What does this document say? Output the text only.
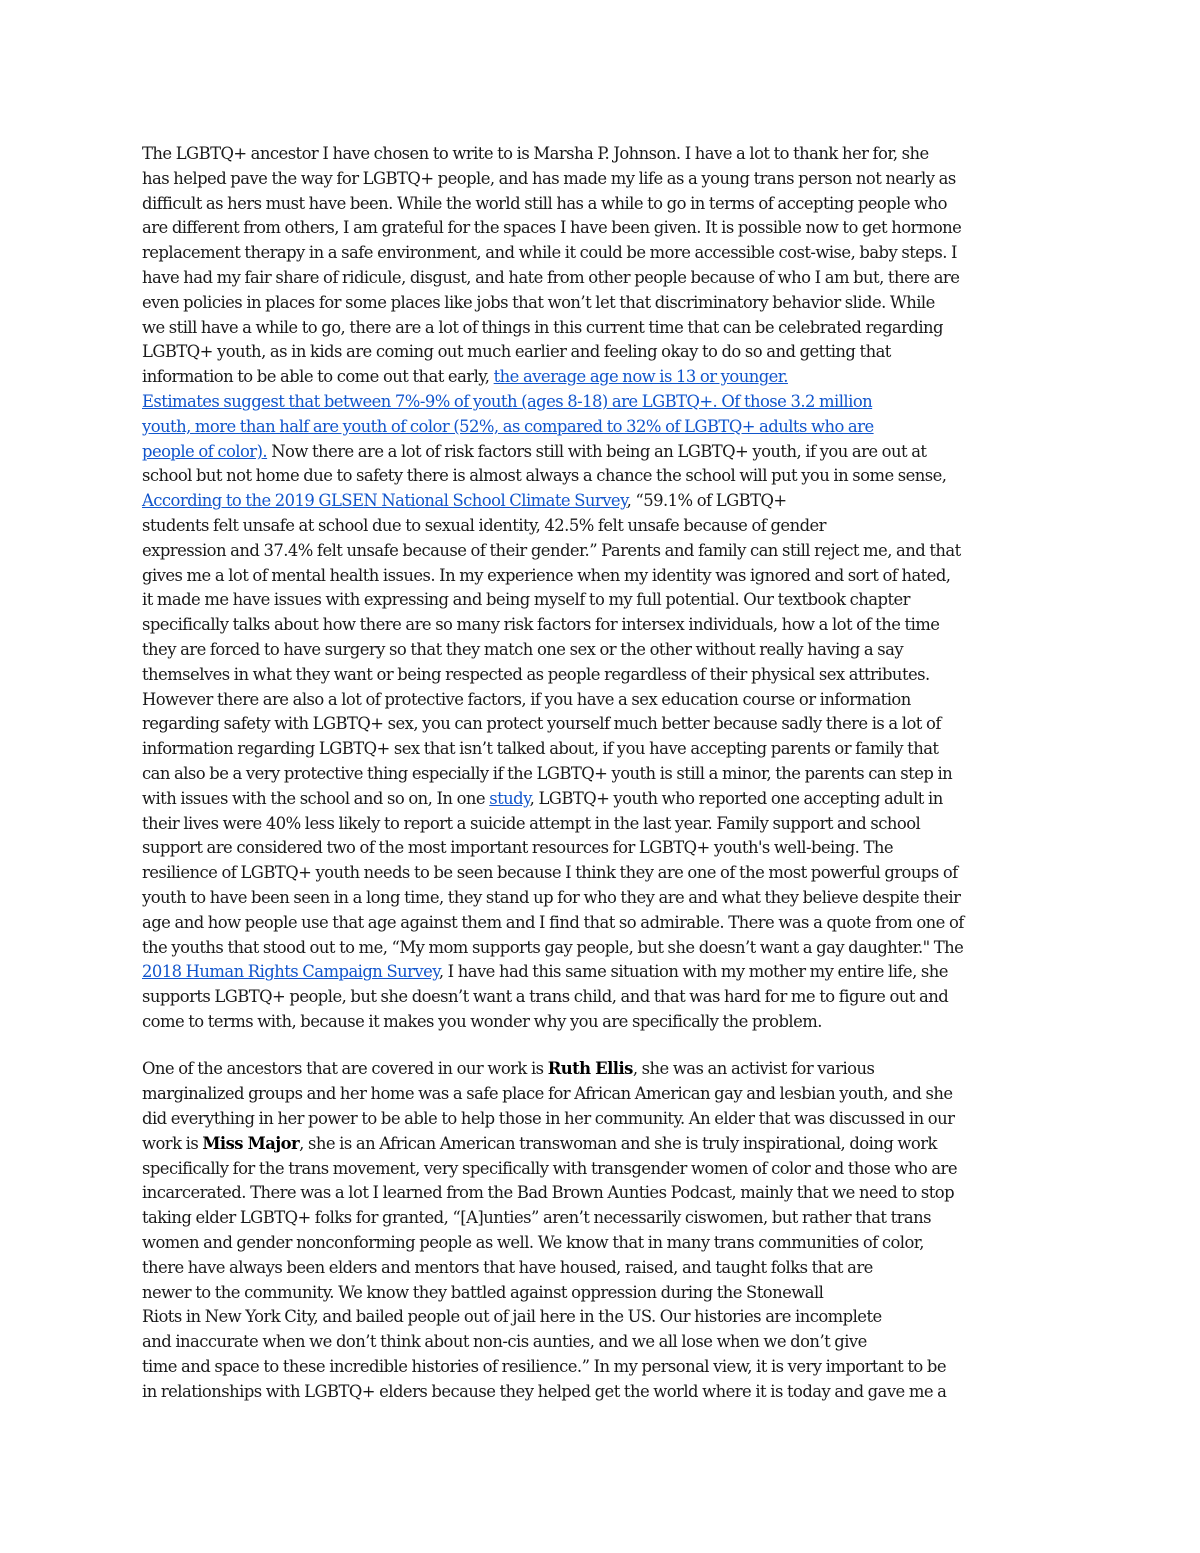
The LGBTQ+ ancestor I have chosen to write to is Marsha P. Johnson. I have a lot to thank her for, she
has helped pave the way for LGBTQ+ people, and has made my life as a young trans person not nearly as
difficult as hers must have been. While the world still has a while to go in terms of accepting people who
are different from others, I am grateful for the spaces I have been given. It is possible now to get hormone
replacement therapy in a safe environment, and while it could be more accessible cost-wise, baby steps. I
have had my fair share of ridicule, disgust, and hate from other people because of who I am but, there are
even policies in places for some places like jobs that won’t let that discriminatory behavior slide. While
we still have a while to go, there are a lot of things in this current time that can be celebrated regarding
LGBTQ+ youth, as in kids are coming out much earlier and feeling okay to do so and getting that
information to be able to come out that early, the average age now is 13 or younger.
Estimates suggest that between 7%-9% of youth (ages 8-18) are LGBTQ+. Of those 3.2 million
youth, more than half are youth of color (52%, as compared to 32% of LGBTQ+ adults who are
people of color). Now there are a lot of risk factors still with being an LGBTQ+ youth, if you are out at
school but not home due to safety there is almost always a chance the school will put you in some sense,
According to the 2019 GLSEN National School Climate Survey, “59.1% of LGBTQ+
students felt unsafe at school due to sexual identity, 42.5% felt unsafe because of gender
expression and 37.4% felt unsafe because of their gender.” Parents and family can still reject me, and that
gives me a lot of mental health issues. In my experience when my identity was ignored and sort of hated,
it made me have issues with expressing and being myself to my full potential. Our textbook chapter
specifically talks about how there are so many risk factors for intersex individuals, how a lot of the time
they are forced to have surgery so that they match one sex or the other without really having a say
themselves in what they want or being respected as people regardless of their physical sex attributes.
However there are also a lot of protective factors, if you have a sex education course or information
regarding safety with LGBTQ+ sex, you can protect yourself much better because sadly there is a lot of
information regarding LGBTQ+ sex that isn’t talked about, if you have accepting parents or family that
can also be a very protective thing especially if the LGBTQ+ youth is still a minor, the parents can step in
with issues with the school and so on, In one study, LGBTQ+ youth who reported one accepting adult in
their lives were 40% less likely to report a suicide attempt in the last year. Family support and school
support are considered two of the most important resources for LGBTQ+ youth's well-being. The
resilience of LGBTQ+ youth needs to be seen because I think they are one of the most powerful groups of
youth to have been seen in a long time, they stand up for who they are and what they believe despite their
age and how people use that age against them and I find that so admirable. There was a quote from one of
the youths that stood out to me, “My mom supports gay people, but she doesn’t want a gay daughter." The
2018 Human Rights Campaign Survey, I have had this same situation with my mother my entire life, she
supports LGBTQ+ people, but she doesn’t want a trans child, and that was hard for me to figure out and
come to terms with, because it makes you wonder why you are specifically the problem.
One of the ancestors that are covered in our work is Ruth Ellis, she was an activist for various
marginalized groups and her home was a safe place for African American gay and lesbian youth, and she
did everything in her power to be able to help those in her community. An elder that was discussed in our
work is Miss Major, she is an African American transwoman and she is truly inspirational, doing work
specifically for the trans movement, very specifically with transgender women of color and those who are
incarcerated. There was a lot I learned from the Bad Brown Aunties Podcast, mainly that we need to stop
taking elder LGBTQ+ folks for granted, “[A]unties” aren’t necessarily ciswomen, but rather that trans
women and gender nonconforming people as well. We know that in many trans communities of color,
there have always been elders and mentors that have housed, raised, and taught folks that are
newer to the community. We know they battled against oppression during the Stonewall
Riots in New York City, and bailed people out of jail here in the US. Our histories are incomplete
and inaccurate when we don’t think about non-cis aunties, and we all lose when we don’t give
time and space to these incredible histories of resilience.” In my personal view, it is very important to be
in relationships with LGBTQ+ elders because they helped get the world where it is today and gave me a
